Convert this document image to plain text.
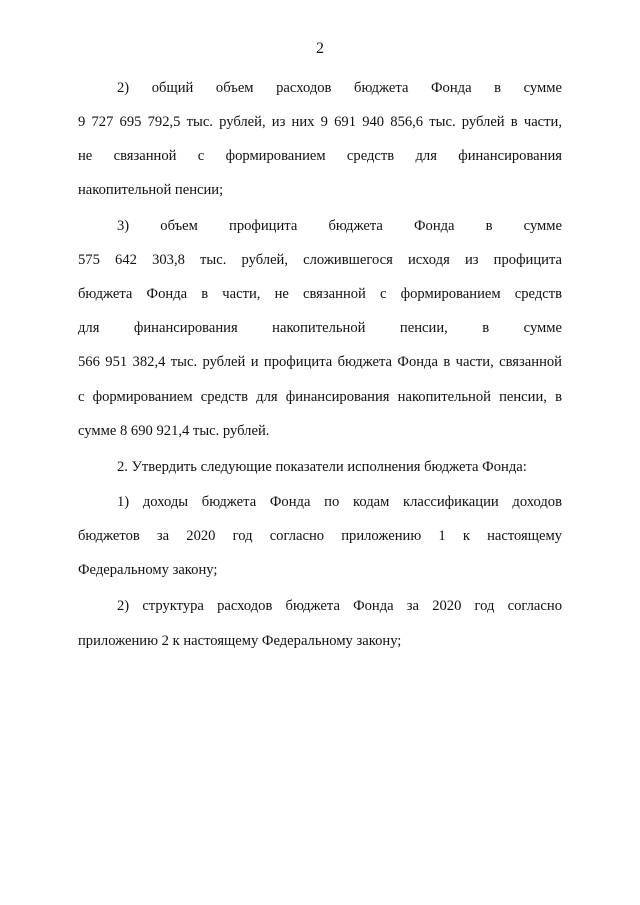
2
2) общий объем расходов бюджета Фонда в сумме
9 727 695 792,5 тыс. рублей, из них 9 691 940 856,6 тыс. рублей в части,
не связанной с формированием средств для финансирования
накопительной пенсии;
3) объем профицита бюджета Фонда в сумме
575 642 303,8 тыс. рублей, сложившегося исходя из профицита
бюджета Фонда в части, не связанной с формированием средств
для финансирования накопительной пенсии, в сумме
566 951 382,4 тыс. рублей и профицита бюджета Фонда в части, связанной
с формированием средств для финансирования накопительной пенсии, в
сумме 8 690 921,4 тыс. рублей.
2. Утвердить следующие показатели исполнения бюджета Фонда:
1) доходы бюджета Фонда по кодам классификации доходов
бюджетов за 2020 год согласно приложению 1 к настоящему
Федеральному закону;
2) структура расходов бюджета Фонда за 2020 год согласно
приложению 2 к настоящему Федеральному закону;
